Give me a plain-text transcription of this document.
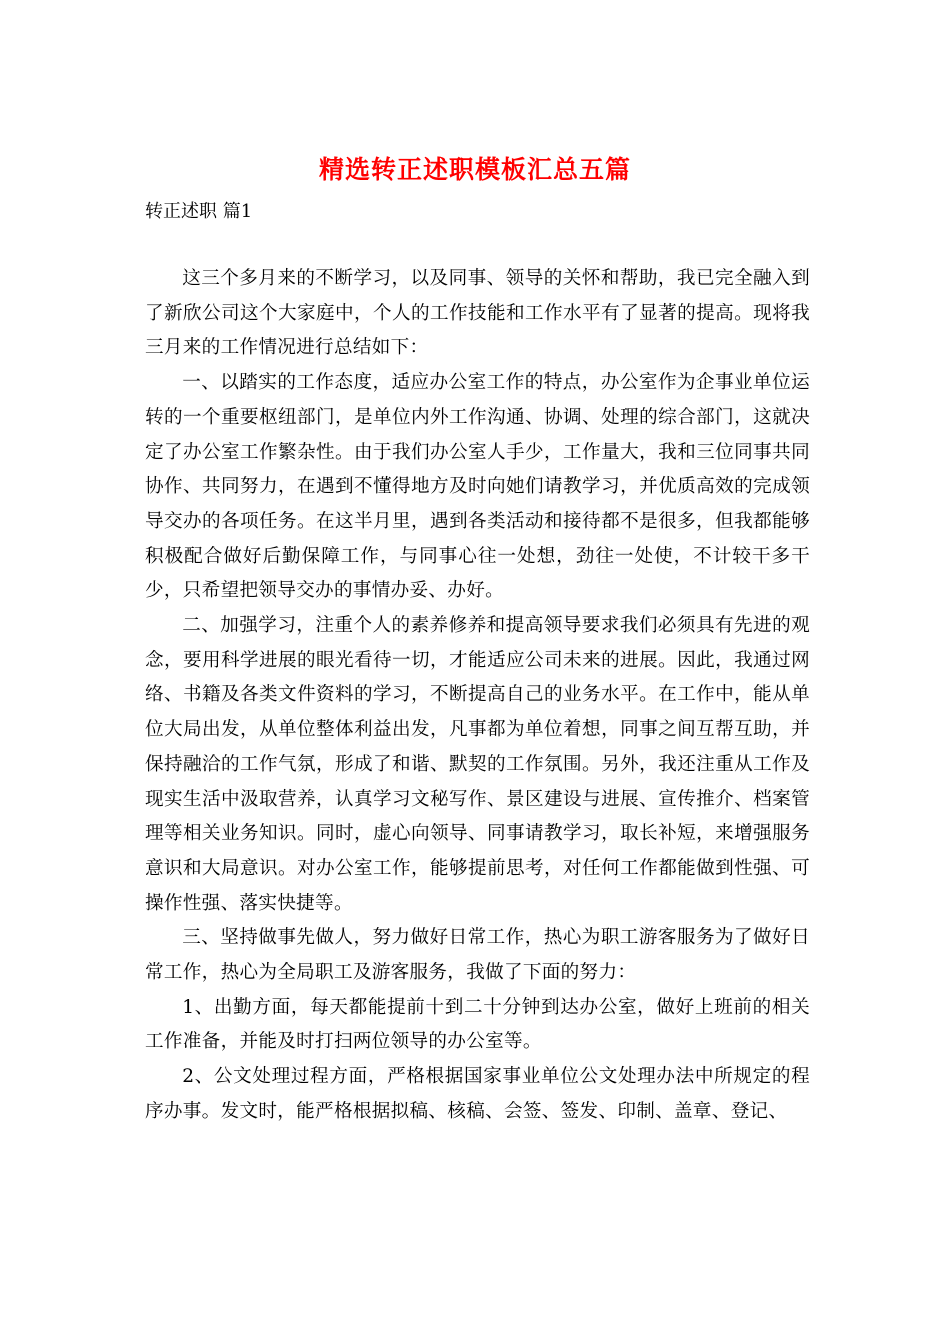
精选转正述职模板汇总五篇
转正述职 篇1

这三个多月来的不断学习，以及同事、领导的关怀和帮助，我已完全融入到了新欣公司这个大家庭中，个人的工作技能和工作水平有了显著的提高。现将我三月来的工作情况进行总结如下：

一、以踏实的工作态度，适应办公室工作的特点，办公室作为企事业单位运转的一个重要枢纽部门，是单位内外工作沟通、协调、处理的综合部门，这就决定了办公室工作繁杂性。由于我们办公室人手少，工作量大，我和三位同事共同协作、共同努力，在遇到不懂得地方及时向她们请教学习，并优质高效的完成领导交办的各项任务。在这半月里，遇到各类活动和接待都不是很多，但我都能够积极配合做好后勤保障工作，与同事心往一处想，劲往一处使，不计较干多干少，只希望把领导交办的事情办妥、办好。

二、加强学习，注重个人的素养修养和提高领导要求我们必须具有先进的观念，要用科学进展的眼光看待一切，才能适应公司未来的进展。因此，我通过网络、书籍及各类文件资料的学习，不断提高自己的业务水平。在工作中，能从单位大局出发，从单位整体利益出发，凡事都为单位着想，同事之间互帮互助，并保持融洽的工作气氛，形成了和谐、默契的工作氛围。另外，我还注重从工作及现实生活中汲取营养，认真学习文秘写作、景区建设与进展、宣传推介、档案管理等相关业务知识。同时，虚心向领导、同事请教学习，取长补短，来增强服务意识和大局意识。对办公室工作，能够提前思考，对任何工作都能做到性强、可操作性强、落实快捷等。

三、坚持做事先做人，努力做好日常工作，热心为职工游客服务为了做好日常工作，热心为全局职工及游客服务，我做了下面的努力：

1、出勤方面，每天都能提前十到二十分钟到达办公室，做好上班前的相关工作准备，并能及时打扫两位领导的办公室等。

2、公文处理过程方面，严格根据国家事业单位公文处理办法中所规定的程序办事。发文时，能严格根据拟稿、核稿、会签、签发、印制、盖章、登记、
